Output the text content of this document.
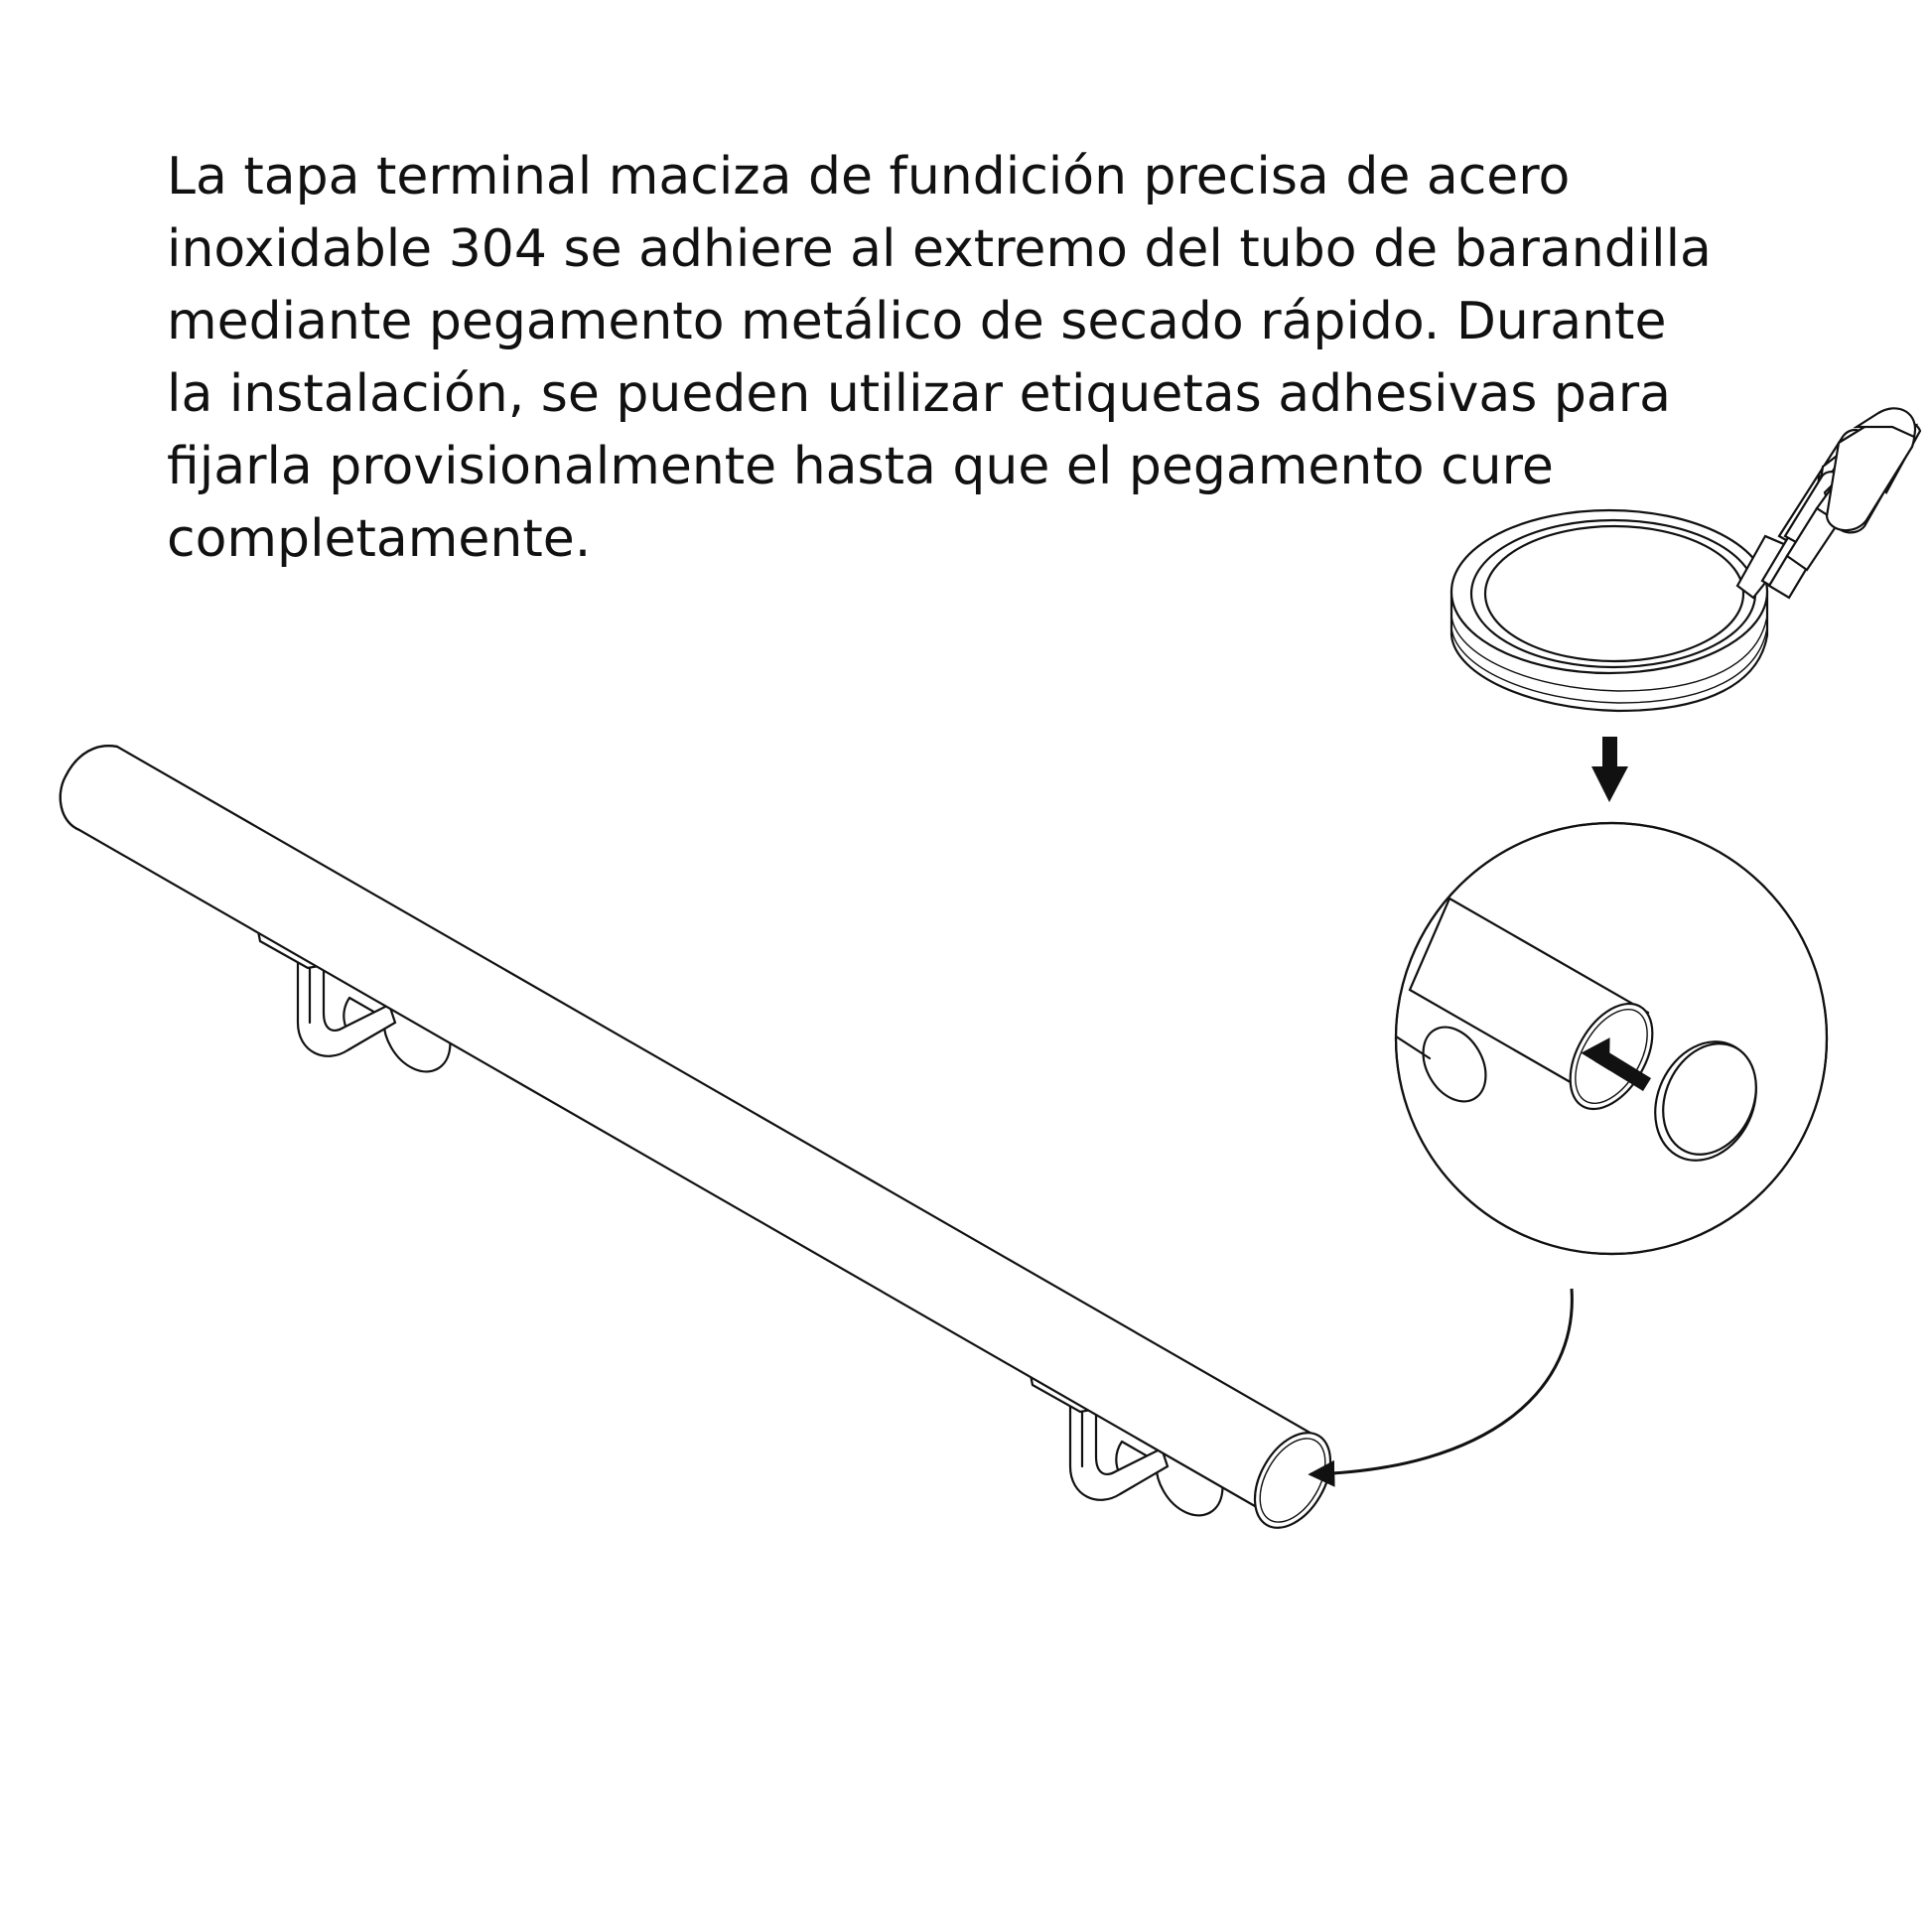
La tapa terminal maciza de fundición precisa de acero
inoxidable 304 se adhiere al extremo del tubo de barandilla
mediante pegamento metálico de secado rápido. Durante
la instalación, se pueden utilizar etiquetas adhesivas para
fijarla provisionalmente hasta que el pegamento cure
completamente.
